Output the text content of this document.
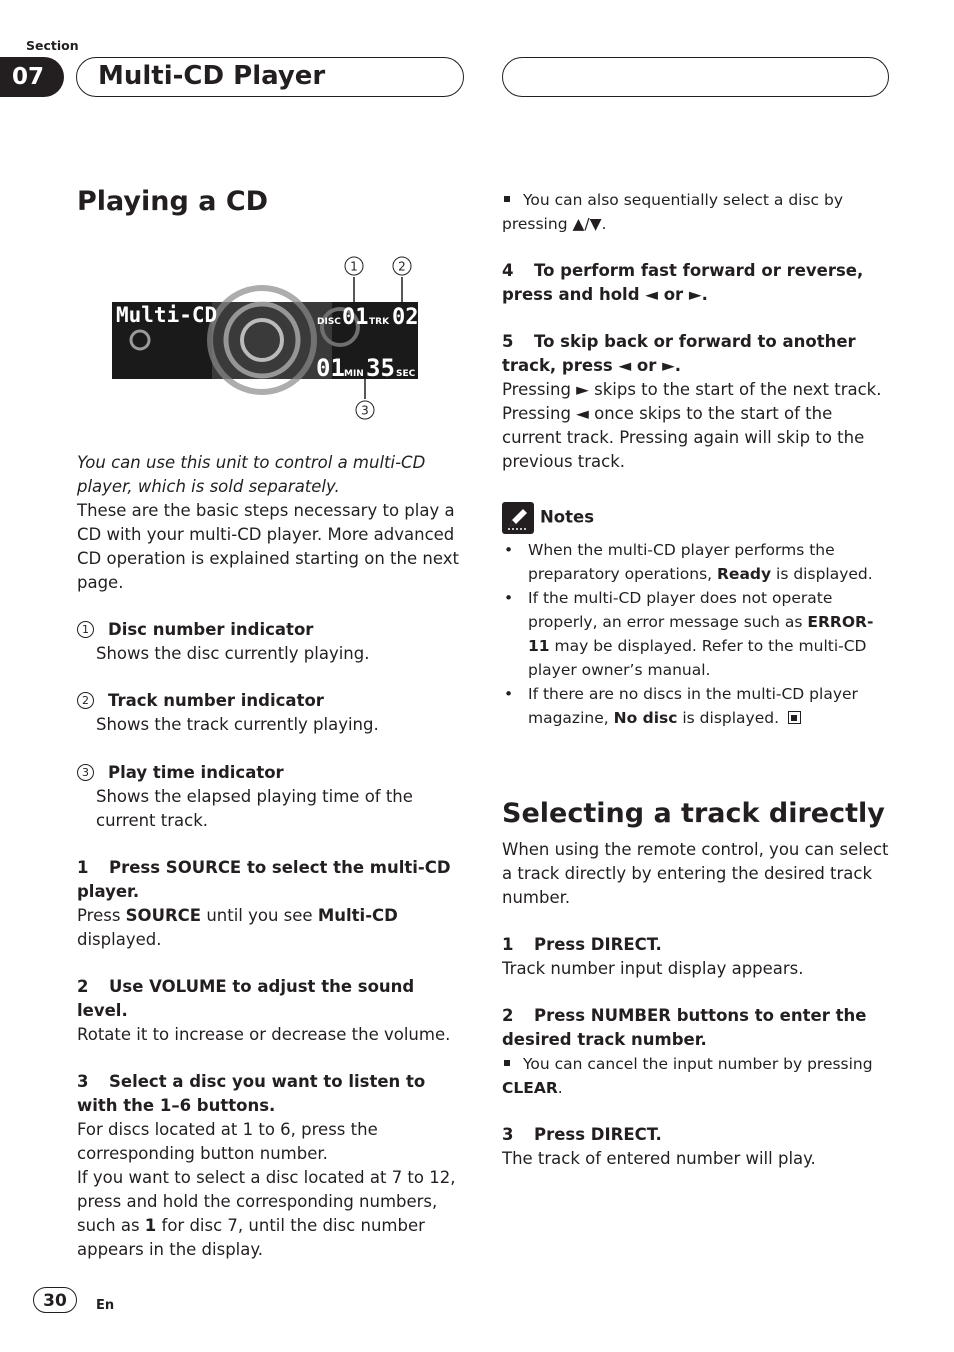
Section
07	Multi-CD Player
Playing a CD
1	2
3
Multi-CD	DISC 01 TRK 02
01 MIN 35 SEC

You can use this unit to control a multi-CD player, which is sold separately.

These are the basic steps necessary to play a CD with your multi-CD player. More advanced CD operation is explained starting on the next page.

1 Disc number indicator

Shows the disc currently playing.

2 Track number indicator

Shows the track currently playing.

3 Play time indicator

Shows the elapsed playing time of the current track.

1 Press SOURCE to select the multi-CD player.

Press SOURCE until you see Multi-CD displayed.

2 Use VOLUME to adjust the sound level.

Rotate it to increase or decrease the volume.

3 Select a disc you want to listen to with the 1–6 buttons.

For discs located at 1 to 6, press the corresponding button number.

If you want to select a disc located at 7 to 12, press and hold the corresponding numbers, such as 1 for disc 7, until the disc number appears in the display.

You can also sequentially select a disc by pressing ▲/▼.

4 To perform fast forward or reverse, press and hold ◄ or ►.

5 To skip back or forward to another track, press ◄ or ►.

Pressing ► skips to the start of the next track. Pressing ◄ once skips to the start of the current track. Pressing again will skip to the previous track.

Notes

• When the multi-CD player performs the preparatory operations, Ready is displayed.

• If the multi-CD player does not operate properly, an error message such as ERROR-11 may be displayed. Refer to the multi-CD player owner’s manual.

• If there are no discs in the multi-CD player magazine, No disc is displayed.

Selecting a track directly

When using the remote control, you can select a track directly by entering the desired track number.

1 Press DIRECT.

Track number input display appears.

2 Press NUMBER buttons to enter the desired track number.

You can cancel the input number by pressing CLEAR.

3 Press DIRECT.

The track of entered number will play.

30	En
